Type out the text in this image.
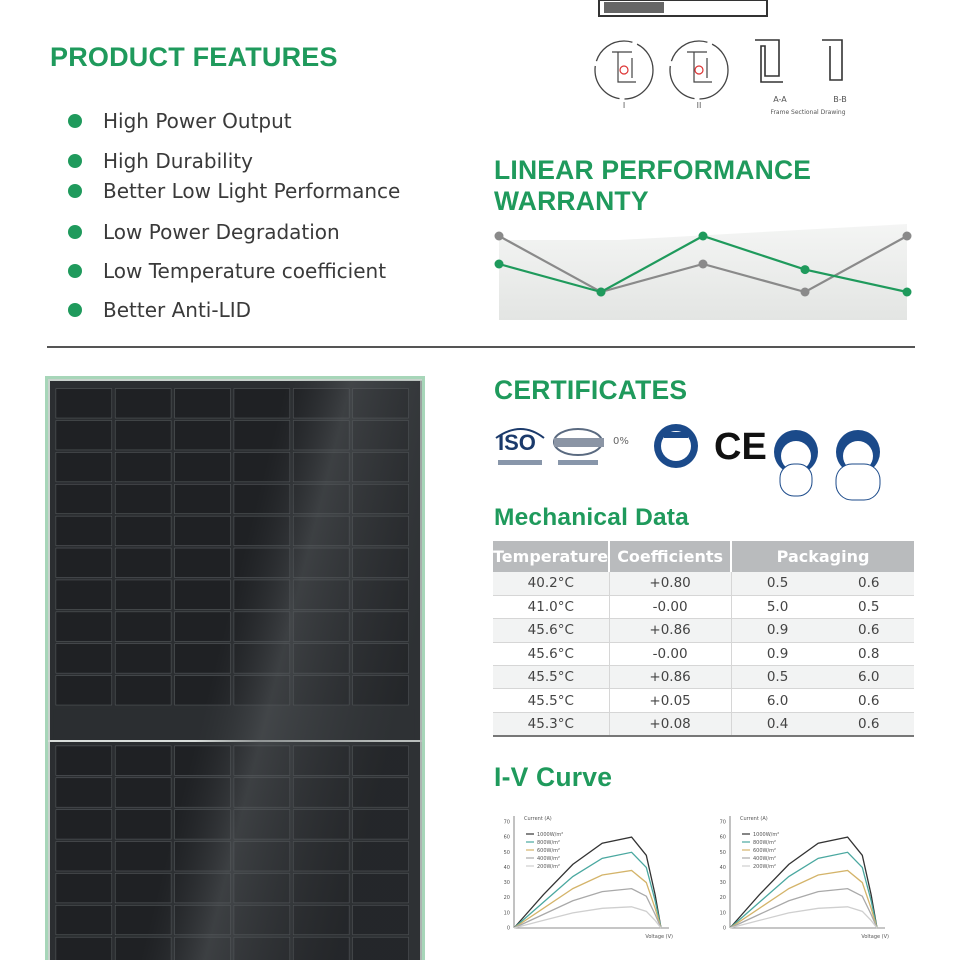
PRODUCT FEATURES
High Power Output
High Durability
Better Low Light Performance
Low Power Degradation
Low Temperature coefficient
Better Anti-LID
I	II
A-A	B-B
Frame Sectional Drawing
LINEAR PERFORMANCE WARRANTY
CERTIFICATES
ISO	0% CE
Mechanical Data
Temperature	Coefficients	Packaging	
40.2°C	+0.80	0.5	0.6
41.0°C	-0.00	5.0	0.5
45.6°C	+0.86	0.9	0.6
45.6°C	-0.00	0.9	0.8
45.5°C	+0.86	0.5	6.0
45.5°C	+0.05	6.0	0.6
45.3°C	+0.08	0.4	0.6
I-V Curve
70
60
50
40
30
20
10
0
Current (A)
Voltage (V)
1000W/m²
800W/m²
600W/m²
400W/m²
200W/m²
70
60
50
40
30
20
10
0
Current (A)
Voltage (V)
1000W/m²
800W/m²
600W/m²
400W/m²
200W/m²
